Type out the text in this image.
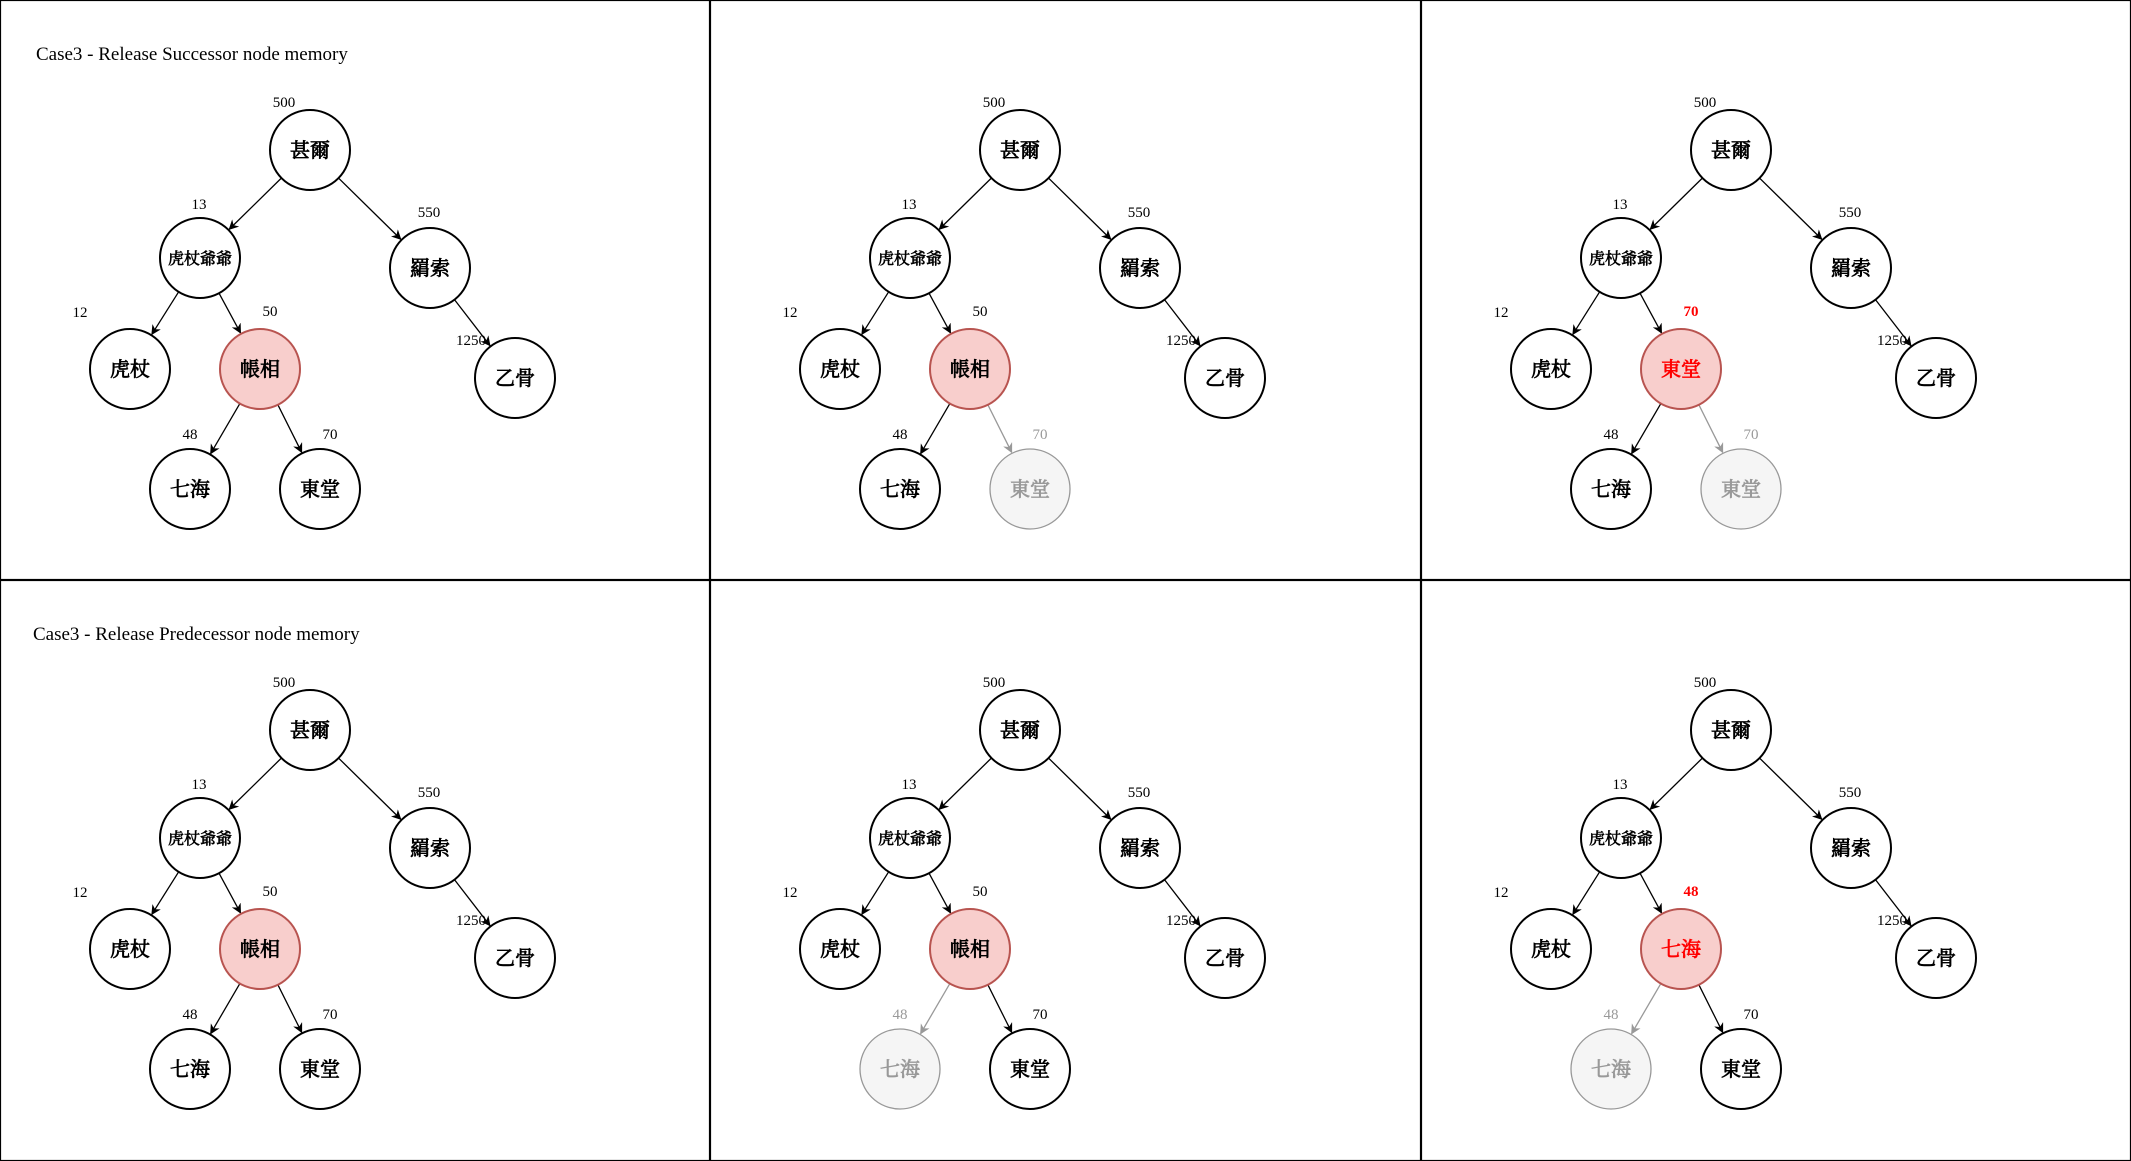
Case3 - Release Successor node memory
Case3 - Release Predecessor node memory
甚爾
500
虎杖爺爺
13
羂索
550
虎杖
12
帳相
50
乙骨
1250
七海
48
東堂
70
甚爾
500
虎杖爺爺
13
羂索
550
虎杖
12
帳相
50
乙骨
1250
七海
48
東堂
70
甚爾
500
虎杖爺爺
13
羂索
550
虎杖
12
東堂
70
乙骨
1250
七海
48
東堂
70
甚爾
500
虎杖爺爺
13
羂索
550
虎杖
12
帳相
50
乙骨
1250
七海
48
東堂
70
甚爾
500
虎杖爺爺
13
羂索
550
虎杖
12
帳相
50
乙骨
1250
七海
48
東堂
70
甚爾
500
虎杖爺爺
13
羂索
550
虎杖
12
七海
48
乙骨
1250
七海
48
東堂
70
